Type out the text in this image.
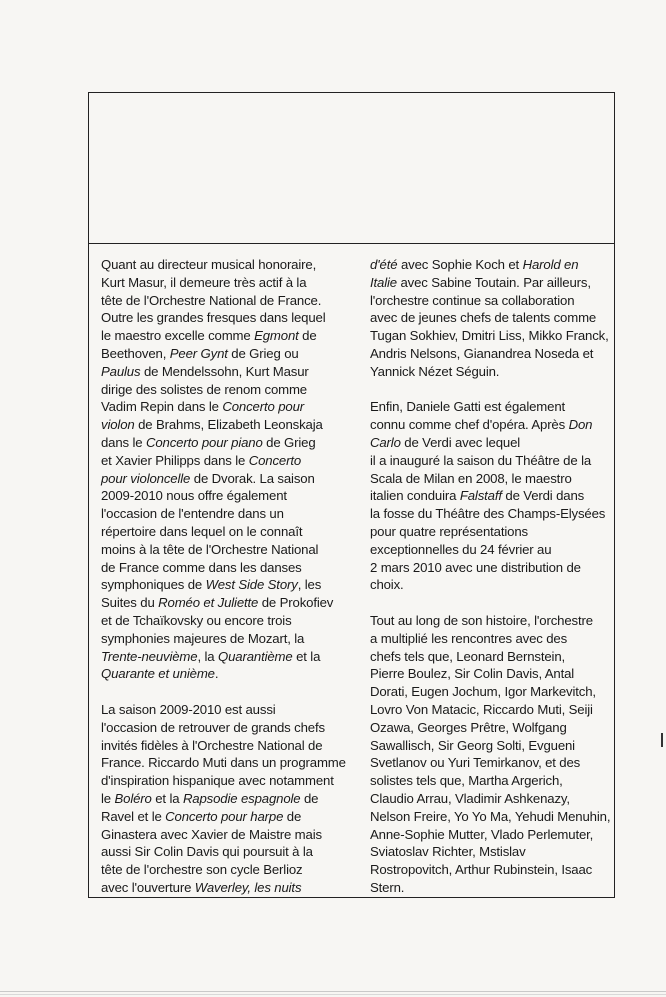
Quant au directeur musical honoraire,
Kurt Masur, il demeure très actif à la
tête de l'Orchestre National de France.
Outre les grandes fresques dans lequel
le maestro excelle comme Egmont de
Beethoven, Peer Gynt de Grieg ou
Paulus de Mendelssohn, Kurt Masur
dirige des solistes de renom comme
Vadim Repin dans le Concerto pour
violon de Brahms, Elizabeth Leonskaja
dans le Concerto pour piano de Grieg
et Xavier Philipps dans le Concerto
pour violoncelle de Dvorak. La saison
2009-2010 nous offre également
l'occasion de l'entendre dans un
répertoire dans lequel on le connaît
moins à la tête de l'Orchestre National
de France comme dans les danses
symphoniques de West Side Story, les
Suites du Roméo et Juliette de Prokofiev
et de Tchaïkovsky ou encore trois
symphonies majeures de Mozart, la
Trente-neuvième, la Quarantième et la
Quarante et unième.

La saison 2009-2010 est aussi
l'occasion de retrouver de grands chefs
invités fidèles à l'Orchestre National de
France. Riccardo Muti dans un programme
d'inspiration hispanique avec notamment
le Boléro et la Rapsodie espagnole de
Ravel et le Concerto pour harpe de
Ginastera avec Xavier de Maistre mais
aussi Sir Colin Davis qui poursuit à la
tête de l'orchestre son cycle Berlioz
avec l'ouverture Waverley, les nuits

d'été avec Sophie Koch et Harold en
Italie avec Sabine Toutain. Par ailleurs,
l'orchestre continue sa collaboration
avec de jeunes chefs de talents comme
Tugan Sokhiev, Dmitri Liss, Mikko Franck,
Andris Nelsons, Gianandrea Noseda et
Yannick Nézet Séguin.

Enfin, Daniele Gatti est également
connu comme chef d'opéra. Après Don
Carlo de Verdi avec lequel
il a inauguré la saison du Théâtre de la
Scala de Milan en 2008, le maestro
italien conduira Falstaff de Verdi dans
la fosse du Théâtre des Champs-Elysées
pour quatre représentations
exceptionnelles du 24 février au
2 mars 2010 avec une distribution de
choix.

Tout au long de son histoire, l'orchestre
a multiplié les rencontres avec des
chefs tels que, Leonard Bernstein,
Pierre Boulez, Sir Colin Davis, Antal
Dorati, Eugen Jochum, Igor Markevitch,
Lovro Von Matacic, Riccardo Muti, Seiji
Ozawa, Georges Prêtre, Wolfgang
Sawallisch, Sir Georg Solti, Evgueni
Svetlanov ou Yuri Temirkanov, et des
solistes tels que, Martha Argerich,
Claudio Arrau, Vladimir Ashkenazy,
Nelson Freire, Yo Yo Ma, Yehudi Menuhin,
Anne-Sophie Mutter, Vlado Perlemuter,
Sviatoslav Richter, Mstislav
Rostropovitch, Arthur Rubinstein, Isaac
Stern.
